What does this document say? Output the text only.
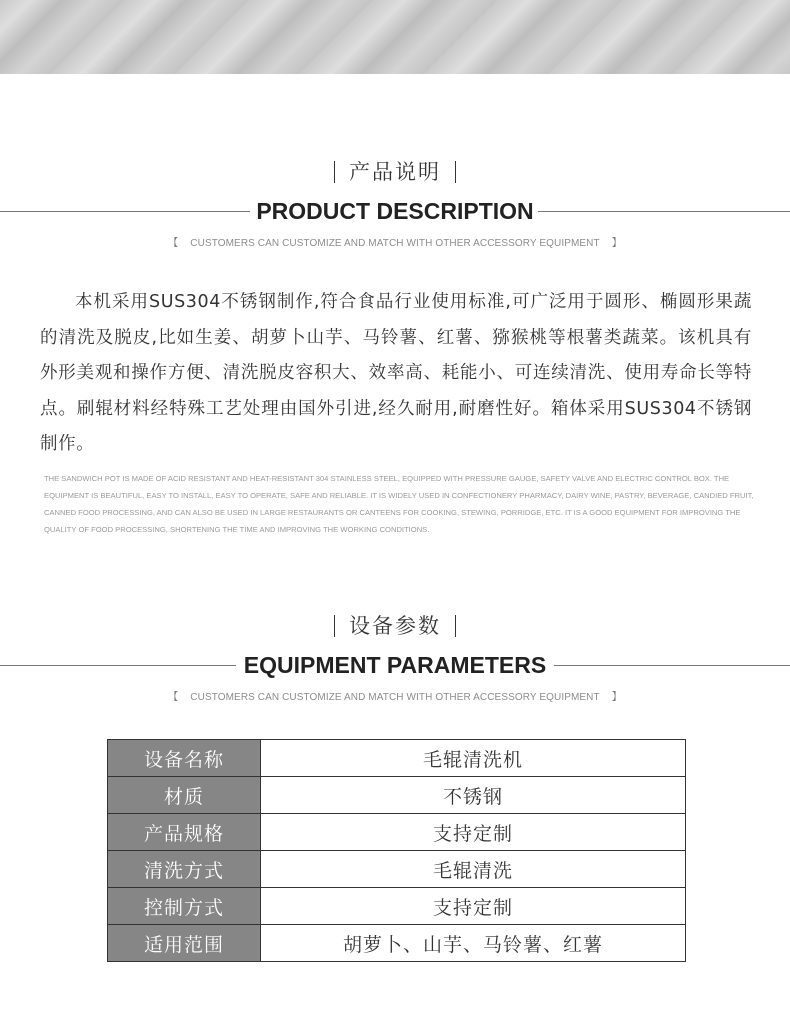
产品说明
PRODUCT DESCRIPTION
【 CUSTOMERS CAN CUSTOMIZE AND MATCH WITH OTHER ACCESSORY EQUIPMENT 】
本机采用SUS304不锈钢制作,符合食品行业使用标准,可广泛用于圆形、椭圆形果蔬的清洗及脱皮,比如生姜、胡萝卜山芋、马铃薯、红薯、猕猴桃等根薯类蔬菜。该机具有外形美观和操作方便、清洗脱皮容积大、效率高、耗能小、可连续清洗、使用寿命长等特点。刷辊材料经特殊工艺处理由国外引进,经久耐用,耐磨性好。箱体采用SUS304不锈钢制作。
THE SANDWICH POT IS MADE OF ACID RESISTANT AND HEAT-RESISTANT 304 STAINLESS STEEL, EQUIPPED WITH PRESSURE GAUGE, SAFETY VALVE AND ELECTRIC CONTROL BOX. THE EQUIPMENT IS BEAUTIFUL, EASY TO INSTALL, EASY TO OPERATE, SAFE AND RELIABLE. IT IS WIDELY USED IN CONFECTIONERY PHARMACY, DAIRY WINE, PASTRY, BEVERAGE, CANDIED FRUIT, CANNED FOOD PROCESSING, AND CAN ALSO BE USED IN LARGE RESTAURANTS OR CANTEENS FOR COOKING, STEWING, PORRIDGE, ETC. IT IS A GOOD EQUIPMENT FOR IMPROVING THE QUALITY OF FOOD PROCESSING, SHORTENING THE TIME AND IMPROVING THE WORKING CONDITIONS.
设备参数
EQUIPMENT PARAMETERS
【 CUSTOMERS CAN CUSTOMIZE AND MATCH WITH OTHER ACCESSORY EQUIPMENT 】
设备名称	毛辊清洗机
材质	不锈钢
产品规格	支持定制
清洗方式	毛辊清洗
控制方式	支持定制
适用范围	胡萝卜、山芋、马铃薯、红薯
